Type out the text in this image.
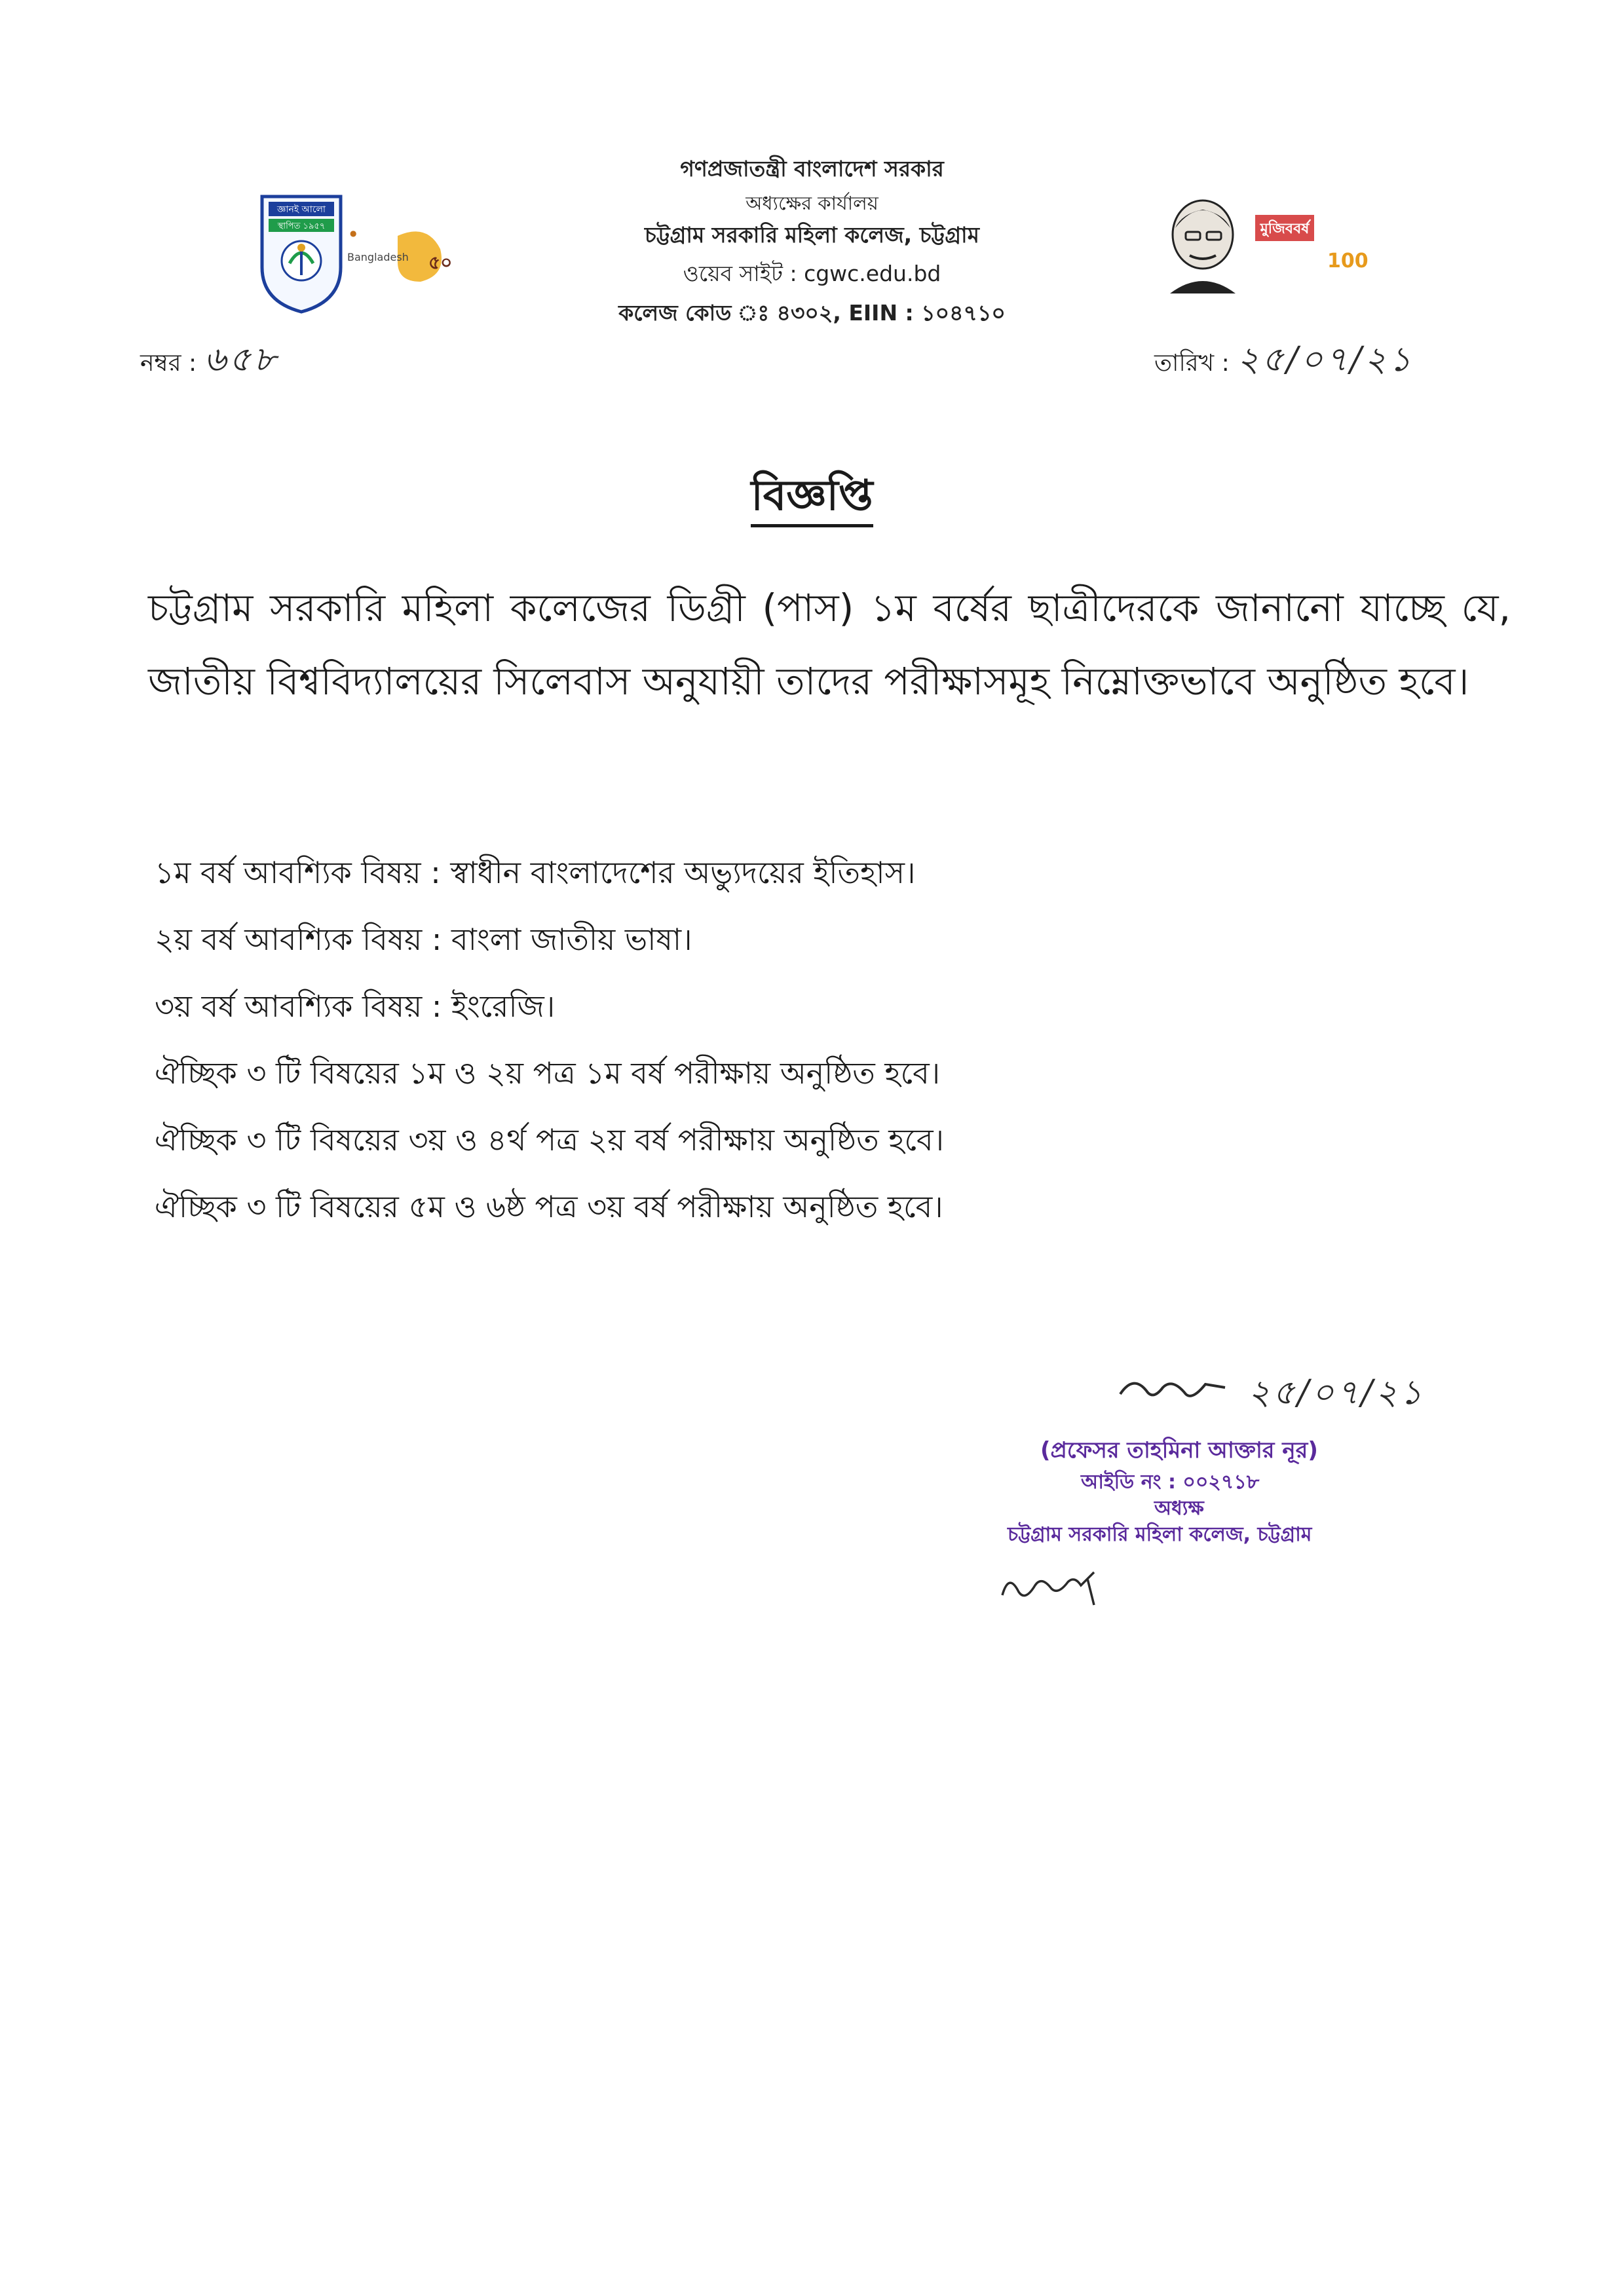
গণপ্রজাতন্ত্রী বাংলাদেশ সরকার
অধ্যক্ষের কার্যালয়
চট্টগ্রাম সরকারি মহিলা কলেজ, চট্টগ্রাম
ওয়েব সাইট : cgwc.edu.bd
কলেজ কোড ঃ ৪৩০২, EIIN : ১০৪৭১০
জ্ঞানই আলো
স্থাপিত ১৯৫৭
●
৫০
Bangladesh
মুজিববর্ষ
100
নম্বর : ৬৫৮	তারিখ : ২৫/০৭/২১
বিজ্ঞপ্তি
চট্টগ্রাম সরকারি মহিলা কলেজের ডিগ্রী (পাস) ১ম বর্ষের ছাত্রীদেরকে জানানো যাচ্ছে যে, জাতীয় বিশ্ববিদ্যালয়ের সিলেবাস অনুযায়ী তাদের পরীক্ষাসমূহ নিম্নোক্তভাবে অনুষ্ঠিত হবে।
১ম বর্ষ আবশ্যিক বিষয় : স্বাধীন বাংলাদেশের অভ্যুদয়ের ইতিহাস।
২য় বর্ষ আবশ্যিক বিষয় : বাংলা জাতীয় ভাষা।
৩য় বর্ষ আবশ্যিক বিষয় : ইংরেজি।
ঐচ্ছিক ৩ টি বিষয়ের ১ম ও ২য় পত্র ১ম বর্ষ পরীক্ষায় অনুষ্ঠিত হবে।
ঐচ্ছিক ৩ টি বিষয়ের ৩য় ও ৪র্থ পত্র ২য় বর্ষ পরীক্ষায় অনুষ্ঠিত হবে।
ঐচ্ছিক ৩ টি বিষয়ের ৫ম ও ৬ষ্ঠ পত্র ৩য় বর্ষ পরীক্ষায় অনুষ্ঠিত হবে।
২৫/০৭/২১
(প্রফেসর তাহমিনা আক্তার নূর)
আইডি নং : ০০২৭১৮
অধ্যক্ষ
চট্টগ্রাম সরকারি মহিলা কলেজ, চট্টগ্রাম
